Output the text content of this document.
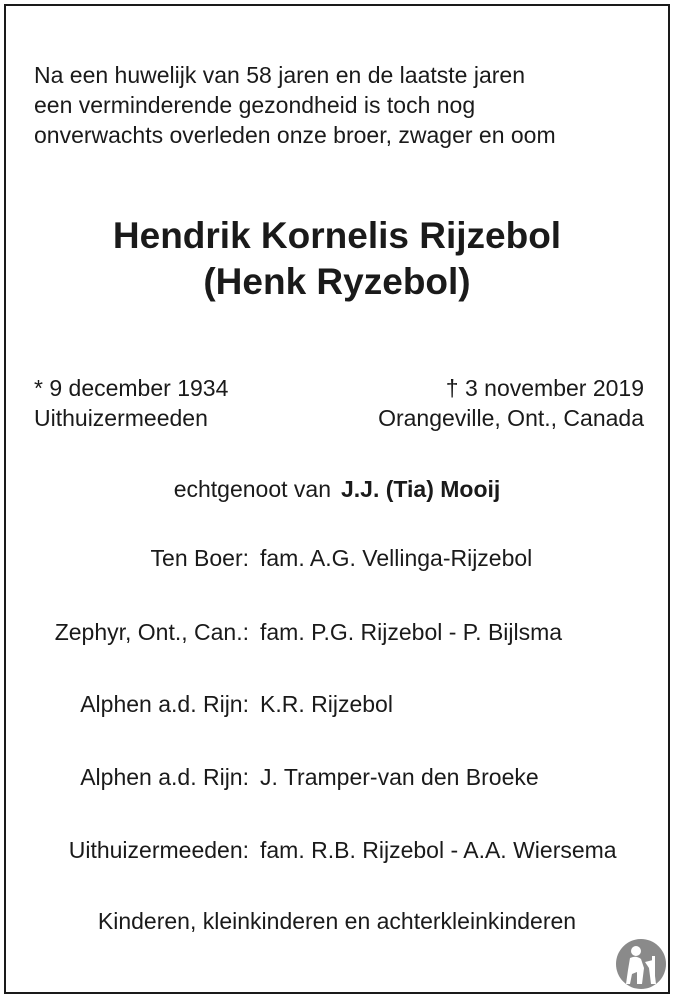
Na een huwelijk van 58 jaren en de laatste jaren
een verminderende gezondheid is toch nog
onverwachts overleden onze broer, zwager en oom
Hendrik Kornelis Rijzebol
(Henk Ryzebol)
* 9 december 1934	† 3 november 2019
Uithuizermeeden	Orangeville, Ont., Canada
echtgenoot van J.J. (Tia) Mooij
Ten Boer: fam. A.G. Vellinga-Rijzebol
Zephyr, Ont., Can.: fam. P.G. Rijzebol - P. Bijlsma
Alphen a.d. Rijn: K.R. Rijzebol
Alphen a.d. Rijn: J. Tramper-van den Broeke
Uithuizermeeden: fam. R.B. Rijzebol - A.A. Wiersema
Kinderen, kleinkinderen en achterkleinkinderen
